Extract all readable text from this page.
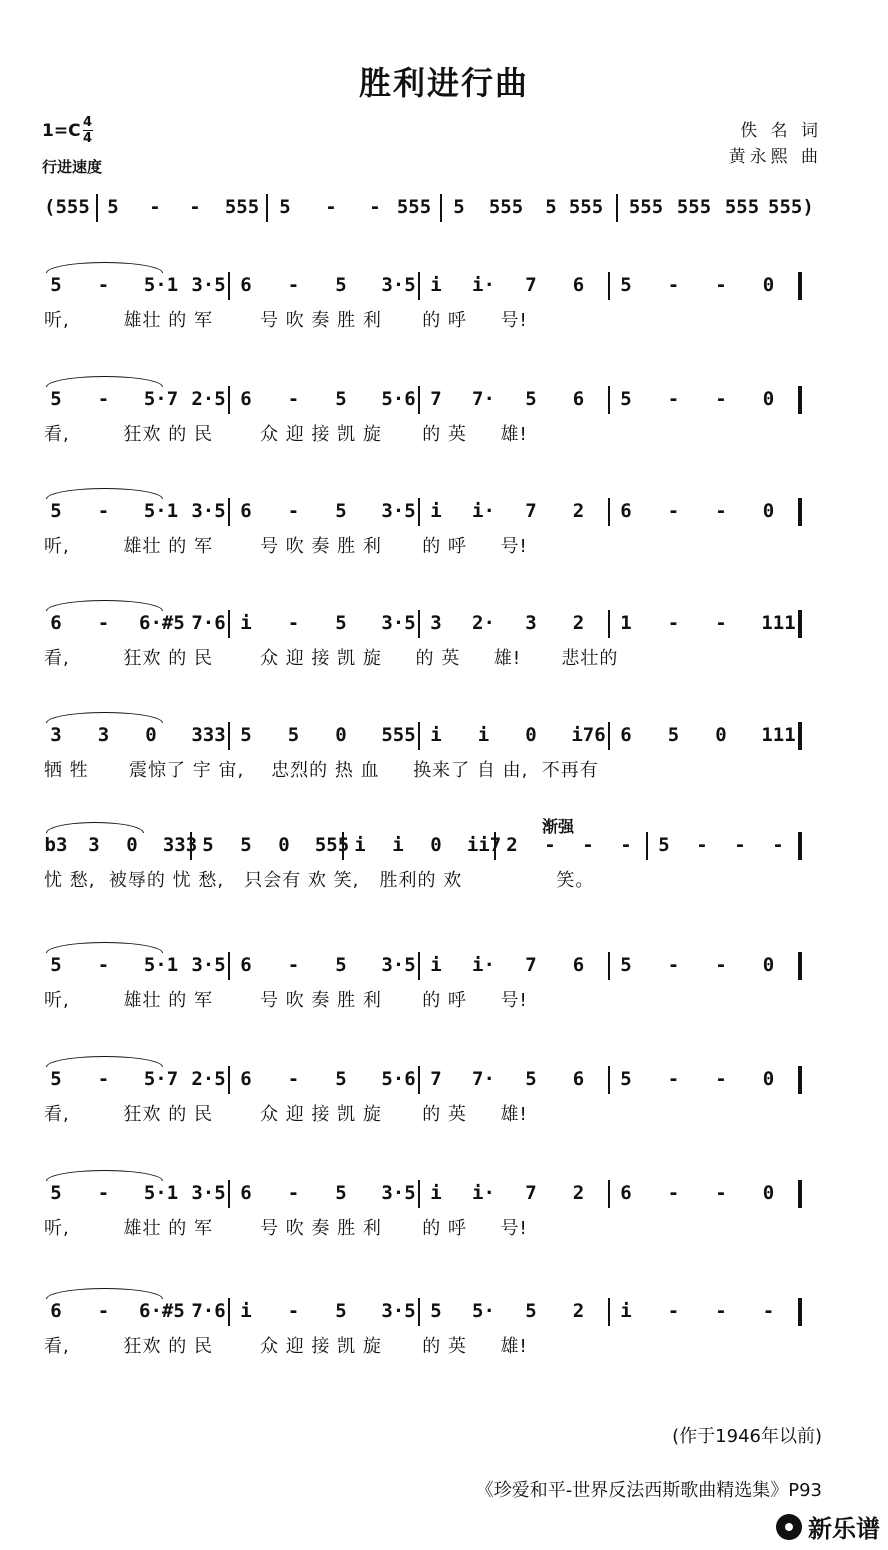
胜利进行曲
$1=C \frac{4}{4}$
行进速度
佚 名 词
黄永熙 曲
(555 5 - - 555 5 - - 555 5 555 5 555 555 555 555 555)
5	-	5·1 3·5 6	-	5	3·5 i	i·	7	6	5	-	-	0
听,        雄壮 的 军       号 吹 奏 胜 利      的 呼     号!
5	-	5·7 2·5 6	-	5	5·6 7	7·	5	6	5	-	-	0
看,        狂欢 的 民       众 迎 接 凯 旋      的 英     雄!
5	-	5·1 3·5 6	-	5	3·5 i	i·	7	2	6	-	-	0
听,        雄壮 的 军       号 吹 奏 胜 利      的 呼     号!
6	-	6·#5 7·6 i	-	5	3·5 3	2·	3	2	1	-	-	111
看,        狂欢 的 民       众 迎 接 凯 旋     的 英     雄!      悲壮的
3	3	0	333 5	5	0	555 i	i	0	i76 6	5	0	111
牺 牲      震惊了 宇 宙,    忠烈的 热 血     换来了 自 由,  不再有
b3	3	0	333 5	5	0	555 i	i	0	ii7 2	-	-	-	5	-	-	-
忧 愁,  被辱的 忧 愁,   只会有 欢 笑,   胜利的 欢              笑。
渐强
5	-	5·1 3·5 6	-	5	3·5 i	i·	7	6	5	-	-	0
听,        雄壮 的 军       号 吹 奏 胜 利      的 呼     号!
5	-	5·7 2·5 6	-	5	5·6 7	7·	5	6	5	-	-	0
看,        狂欢 的 民       众 迎 接 凯 旋      的 英     雄!
5	-	5·1 3·5 6	-	5	3·5 i	i·	7	2	6	-	-	0
听,        雄壮 的 军       号 吹 奏 胜 利      的 呼     号!
6	-	6·#5 7·6 i	-	5	3·5 5	5·	5	2	i	-	-	-
看,        狂欢 的 民       众 迎 接 凯 旋      的 英     雄!
(作于1946年以前)
《珍爱和平-世界反法西斯歌曲精选集》P93
新乐谱
